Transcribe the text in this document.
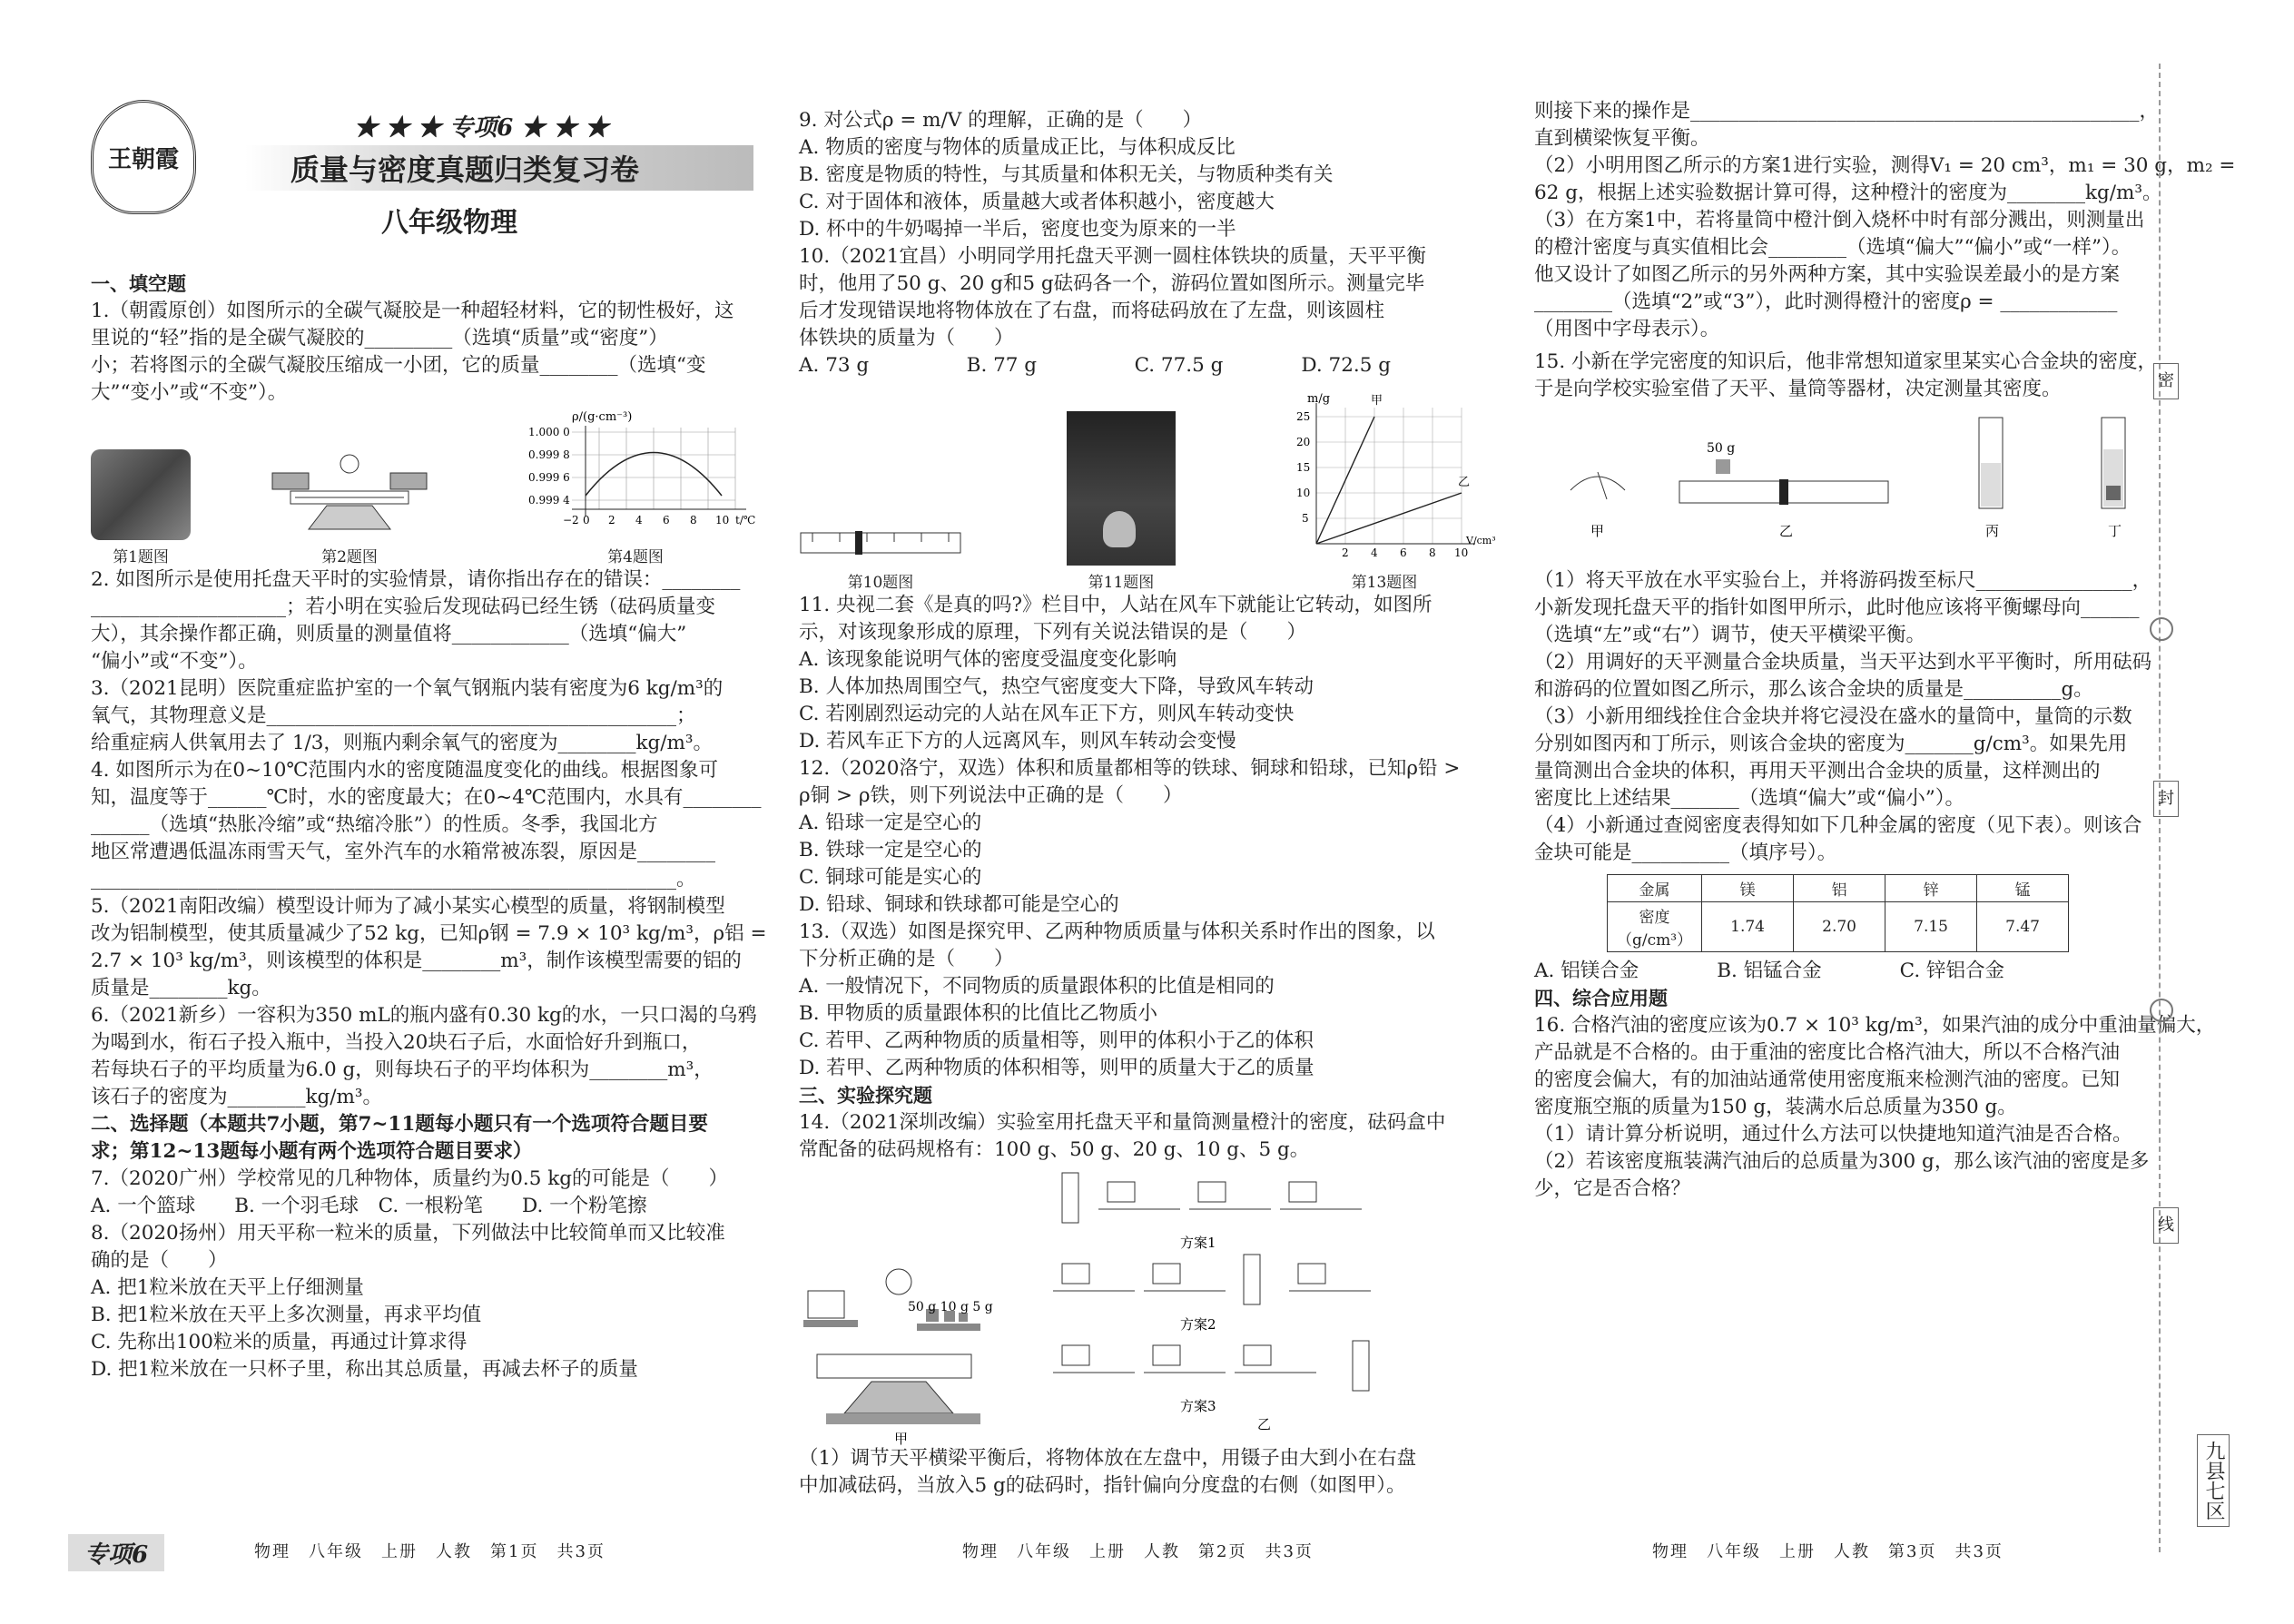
王朝霞
★ ★ ★ 专项6 ★ ★ ★
质量与密度真题归类复习卷
八年级物理
一、填空题

1.（朝霞原创）如图所示的全碳气凝胶是一种超轻材料，它的韧性极好，这

里说的“轻”指的是全碳气凝胶的_________（选填“质量”或“密度”）

小；若将图示的全碳气凝胶压缩成一小团，它的质量________（选填“变

大”“变小”或“不变”）。

第1题图	第2题图
ρ/(g·cm⁻³)
1.000 0
0.999 8
0.999 6
0.999 4
−2 0 2 4 6 8 10 t/℃
第4题图

2. 如图所示是使用托盘天平时的实验情景，请你指出存在的错误：________

____________________；若小明在实验后发现砝码已经生锈（砝码质量变

大），其余操作都正确，则质量的测量值将____________（选填“偏大”

“偏小”或“不变”）。

3.（2021昆明）医院重症监护室的一个氧气钢瓶内装有密度为6 kg/m³的

氧气，其物理意义是__________________________________________；

给重症病人供氧用去了 1/3，则瓶内剩余氧气的密度为________kg/m³。

4. 如图所示为在0~10℃范围内水的密度随温度变化的曲线。根据图象可

知，温度等于______℃时，水的密度最大；在0~4℃范围内，水具有________

______（选填“热胀冷缩”或“热缩冷胀”）的性质。冬季，我国北方

地区常遭遇低温冻雨雪天气，室外汽车的水箱常被冻裂，原因是________

____________________________________________________________。

5.（2021南阳改编）模型设计师为了减小某实心模型的质量，将钢制模型

改为铝制模型，使其质量减少了52 kg，已知ρ钢 = 7.9 × 10³ kg/m³，ρ铝 =

2.7 × 10³ kg/m³，则该模型的体积是________m³，制作该模型需要的铝的

质量是________kg。

6.（2021新乡）一容积为350 mL的瓶内盛有0.30 kg的水，一只口渴的乌鸦

为喝到水，衔石子投入瓶中，当投入20块石子后，水面恰好升到瓶口，

若每块石子的平均质量为6.0 g，则每块石子的平均体积为________m³，

该石子的密度为________kg/m³。

二、选择题（本题共7小题，第7~11题每小题只有一个选项符合题目要

求；第12~13题每小题有两个选项符合题目要求）

7.（2020广州）学校常见的几种物体，质量约为0.5 kg的可能是（　　）

A. 一个篮球　　B. 一个羽毛球　C. 一根粉笔　　D. 一个粉笔擦

8.（2020扬州）用天平称一粒米的质量，下列做法中比较简单而又比较准

确的是（　　）

A. 把1粒米放在天平上仔细测量

B. 把1粒米放在天平上多次测量，再求平均值

C. 先称出100粒米的质量，再通过计算求得

D. 把1粒米放在一只杯子里，称出其总质量，再减去杯子的质量

9. 对公式ρ = m/V 的理解，正确的是（　　）

A. 物质的密度与物体的质量成正比，与体积成反比

B. 密度是物质的特性，与其质量和体积无关，与物质种类有关

C. 对于固体和液体，质量越大或者体积越小，密度越大

D. 杯中的牛奶喝掉一半后，密度也变为原来的一半

10.（2021宜昌）小明同学用托盘天平测一圆柱体铁块的质量，天平平衡

时，他用了50 g、20 g和5 g砝码各一个，游码位置如图所示。测量完毕

后才发现错误地将物体放在了右盘，而将砝码放在了左盘，则该圆柱

体铁块的质量为（　　）

A. 73 g　　　　　B. 77 g　　　　　C. 77.5 g　　　　D. 72.5 g

第10题图	第11题图
m/g	甲
乙
25
20
15
10
5
2 4 6 8 10
V/cm³
第13题图

11. 央视二套《是真的吗?》栏目中，人站在风车下就能让它转动，如图所

示，对该现象形成的原理，下列有关说法错误的是（　　）

A. 该现象能说明气体的密度受温度变化影响

B. 人体加热周围空气，热空气密度变大下降，导致风车转动

C. 若刚剧烈运动完的人站在风车正下方，则风车转动变快

D. 若风车正下方的人远离风车，则风车转动会变慢

12.（2020洛宁，双选）体积和质量都相等的铁球、铜球和铅球，已知ρ铅 >

ρ铜 > ρ铁，则下列说法中正确的是（　　）

A. 铅球一定是空心的

B. 铁球一定是空心的

C. 铜球可能是实心的

D. 铅球、铜球和铁球都可能是空心的

13.（双选）如图是探究甲、乙两种物质质量与体积关系时作出的图象，以

下分析正确的是（　　）

A. 一般情况下，不同物质的质量跟体积的比值是相同的

B. 甲物质的质量跟体积的比值比乙物质小

C. 若甲、乙两种物质的质量相等，则甲的体积小于乙的体积

D. 若甲、乙两种物质的体积相等，则甲的质量大于乙的质量

三、实验探究题

14.（2021深圳改编）实验室用托盘天平和量筒测量橙汁的密度，砝码盒中

常配备的砝码规格有：100 g、50 g、20 g、10 g、5 g。

50 g 10 g 5 g
甲
方案1
方案2
方案3
乙

（1）调节天平横梁平衡后，将物体放在左盘中，用镊子由大到小在右盘

中加减砝码，当放入5 g的砝码时，指针偏向分度盘的右侧（如图甲）。

则接下来的操作是______________________________________________，

直到横梁恢复平衡。

（2）小明用图乙所示的方案1进行实验，测得V₁ = 20 cm³，m₁ = 30 g，m₂ =

62 g，根据上述实验数据计算可得，这种橙汁的密度为________kg/m³。

（3）在方案1中，若将量筒中橙汁倒入烧杯中时有部分溅出，则测量出

的橙汁密度与真实值相比会________（选填“偏大”“偏小”或“一样”）。

他又设计了如图乙所示的另外两种方案，其中实验误差最小的是方案

________（选填“2”或“3”），此时测得橙汁的密度ρ = ____________

（用图中字母表示）。

15. 小新在学完密度的知识后，他非常想知道家里某实心合金块的密度，

于是向学校实验室借了天平、量筒等器材，决定测量其密度。

甲
50 g
乙	丙	丁

（1）将天平放在水平实验台上，并将游码拨至标尺________________，

小新发现托盘天平的指针如图甲所示，此时他应该将平衡螺母向______

（选填“左”或“右”）调节，使天平横梁平衡。

（2）用调好的天平测量合金块质量，当天平达到水平平衡时，所用砝码

和游码的位置如图乙所示，那么该合金块的质量是__________g。

（3）小新用细线拴住合金块并将它浸没在盛水的量筒中，量筒的示数

分别如图丙和丁所示，则该合金块的密度为_______g/cm³。如果先用

量筒测出合金块的体积，再用天平测出合金块的质量，这样测出的

密度比上述结果_______（选填“偏大”或“偏小”）。

（4）小新通过查阅密度表得知如下几种金属的密度（见下表）。则该合

金块可能是__________（填序号）。

金属	镁	铝	锌	锰
密度（g/cm³）	1.74	2.70	7.15	7.47

A. 铝镁合金　　　　B. 铝锰合金　　　　C. 锌铝合金

四、综合应用题

16. 合格汽油的密度应该为0.7 × 10³ kg/m³，如果汽油的成分中重油量偏大，

产品就是不合格的。由于重油的密度比合格汽油大，所以不合格汽油

的密度会偏大，有的加油站通常使用密度瓶来检测汽油的密度。已知

密度瓶空瓶的质量为150 g，装满水后总质量为350 g。

（1）请计算分析说明，通过什么方法可以快捷地知道汽油是否合格。

（2）若该密度瓶装满汽油后的总质量为300 g，那么该汽油的密度是多

少，它是否合格？

密
封
线
九县七区
专项6	物理　八年级　上册　人教　第1页　共3页	物理　八年级　上册　人教　第2页　共3页	物理　八年级　上册　人教　第3页　共3页
